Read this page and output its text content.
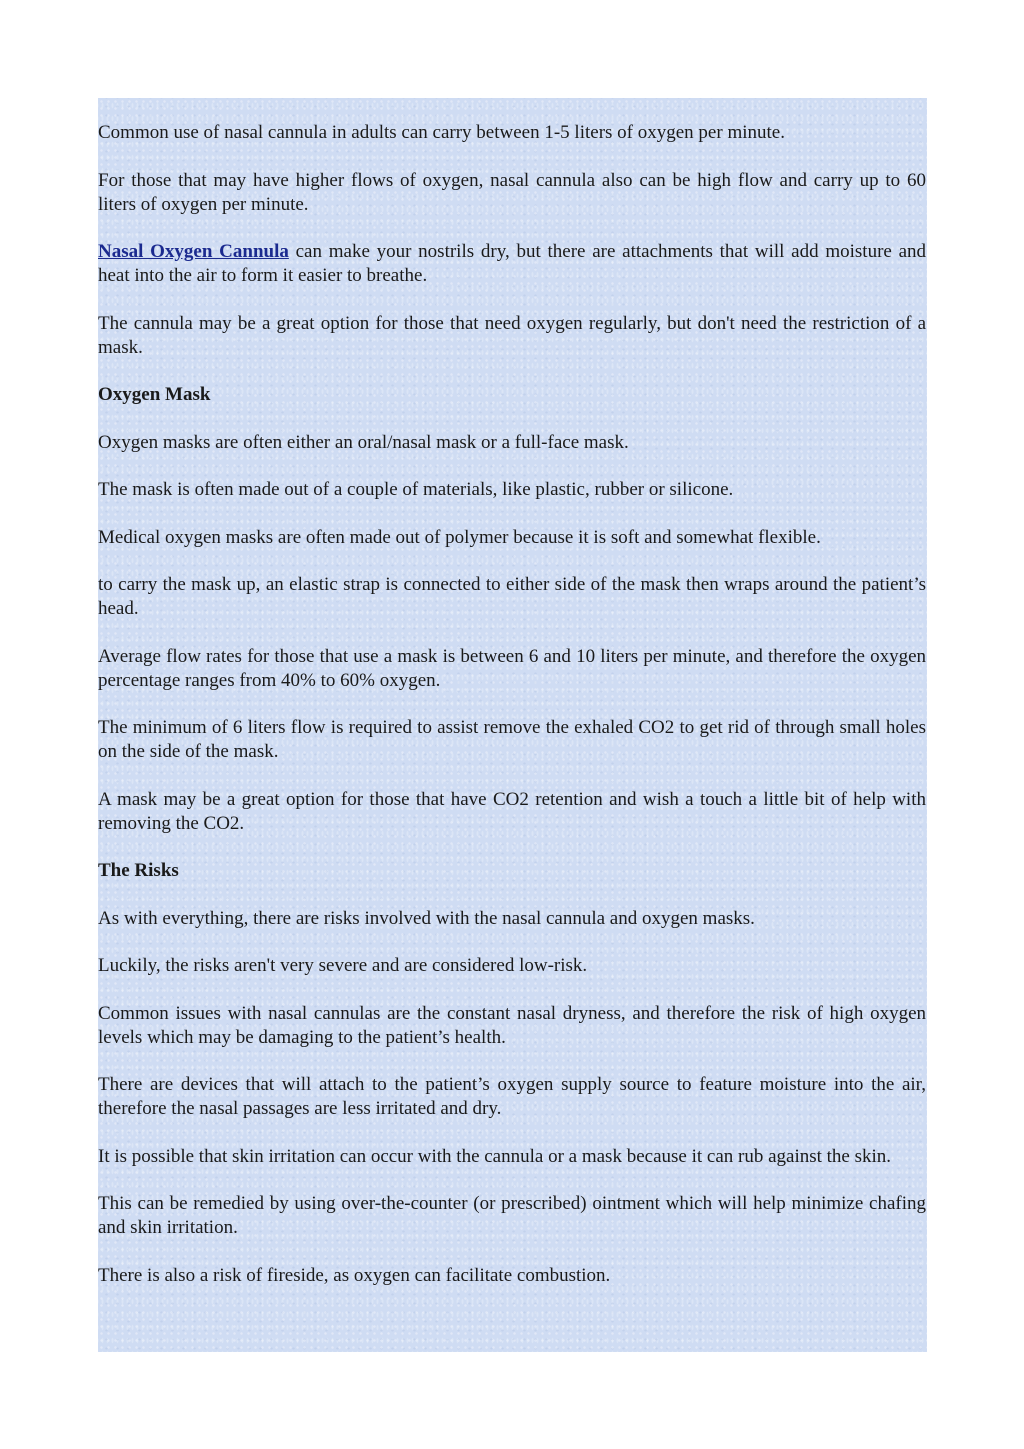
Common use of nasal cannula in adults can carry between 1-5 liters of oxygen per minute.

For those that may have higher flows of oxygen, nasal cannula also can be high flow and carry up to 60 liters of oxygen per minute.

Nasal Oxygen Cannula can make your nostrils dry, but there are attachments that will add moisture and heat into the air to form it easier to breathe.

The cannula may be a great option for those that need oxygen regularly, but don't need the restriction of a mask.

Oxygen Mask

Oxygen masks are often either an oral/nasal mask or a full-face mask.

The mask is often made out of a couple of materials, like plastic, rubber or silicone.

Medical oxygen masks are often made out of polymer because it is soft and somewhat flexible.

to carry the mask up, an elastic strap is connected to either side of the mask then wraps around the patient’s head.

Average flow rates for those that use a mask is between 6 and 10 liters per minute, and therefore the oxygen percentage ranges from 40% to 60% oxygen.

The minimum of 6 liters flow is required to assist remove the exhaled CO2 to get rid of through small holes on the side of the mask.

A mask may be a great option for those that have CO2 retention and wish a touch a little bit of help with removing the CO2.

The Risks

As with everything, there are risks involved with the nasal cannula and oxygen masks.

Luckily, the risks aren't very severe and are considered low-risk.

Common issues with nasal cannulas are the constant nasal dryness, and therefore the risk of high oxygen levels which may be damaging to the patient’s health.

There are devices that will attach to the patient’s oxygen supply source to feature moisture into the air, therefore the nasal passages are less irritated and dry.

It is possible that skin irritation can occur with the cannula or a mask because it can rub against the skin.

This can be remedied by using over-the-counter (or prescribed) ointment which will help minimize chafing and skin irritation.

There is also a risk of fireside, as oxygen can facilitate combustion.
